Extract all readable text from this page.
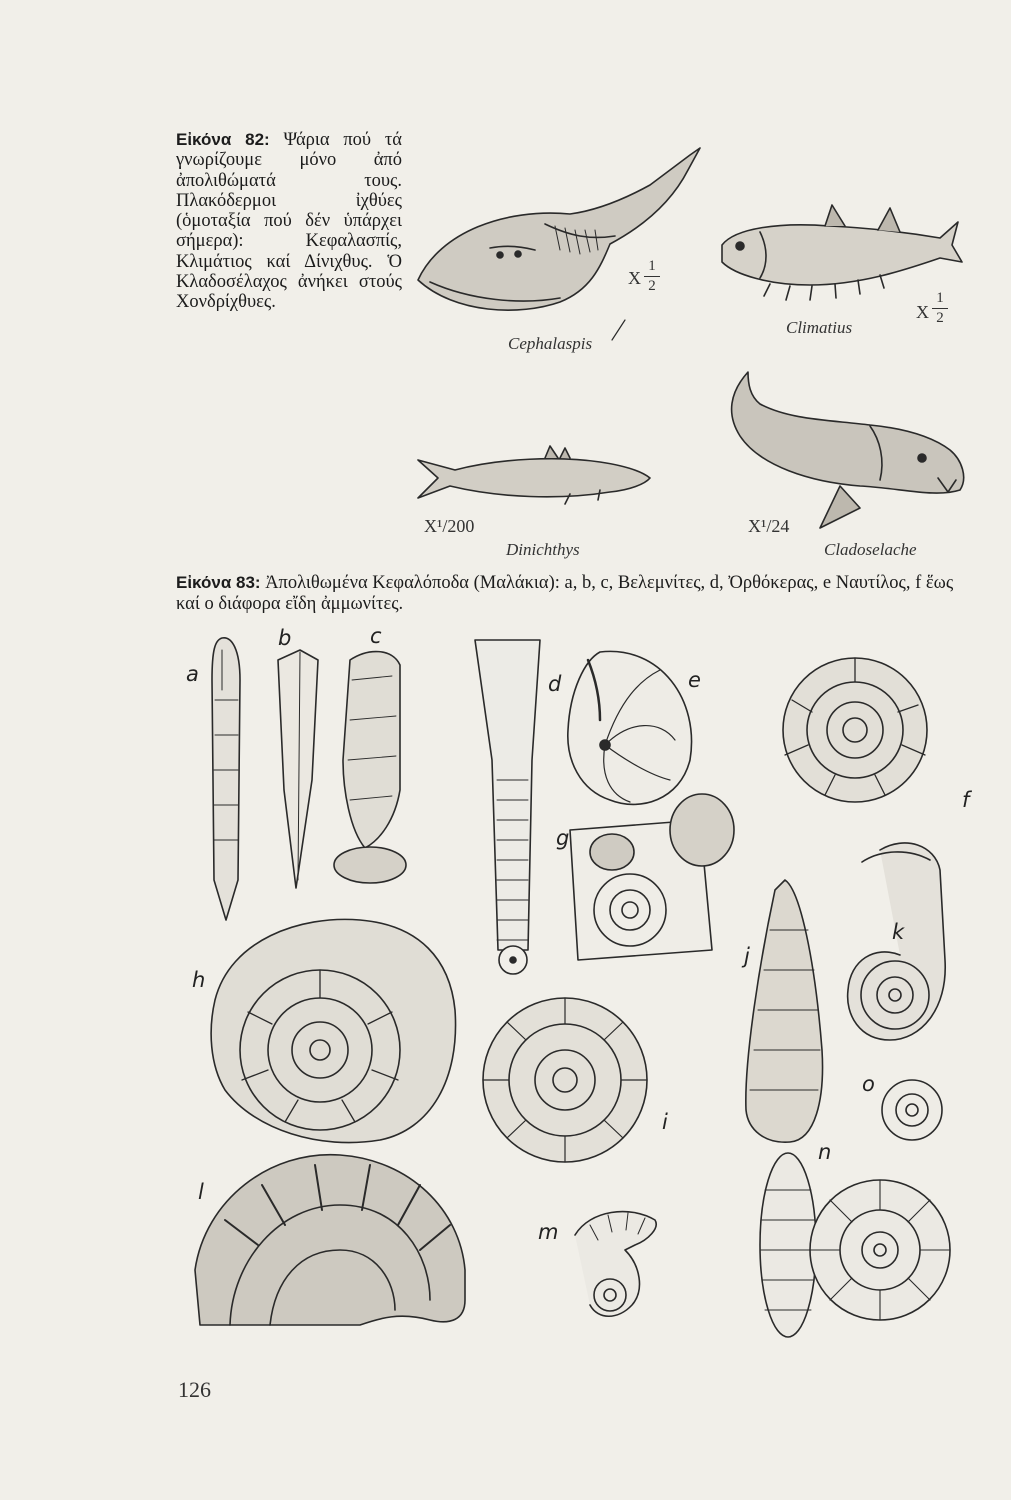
Εἰκόνα 82: Ψάρια πού τά γνωρίζουμε μόνο ἀπό ἀπολιθώματά τους. Πλακόδερμοι ἰχθύες (ὁμοταξία πού δέν ὑπάρχει σήμερα): Κεφαλασπίς, Κλιμάτιος καί Δίνιχθυς. Ὁ Κλαδοσέλαχος ἀνήκει στούς Χονδρίχθυες.
Cephalaspis
X
1
2
Climatius
X
1
2
X¹/200
Dinichthys
X¹/24
Cladoselache
Εἰκόνα 83: Ἀπολιθωμένα Κεφαλόποδα (Μαλάκια): a, b, c, Βελεμνίτες, d, Ὀρθόκερας, e Ναυτίλος, f ἕως καί o διάφορα εἴδη ἀμμωνίτες.
a
b	c
d	e
f
g
h
i
j
k
l
m
n
o
126
